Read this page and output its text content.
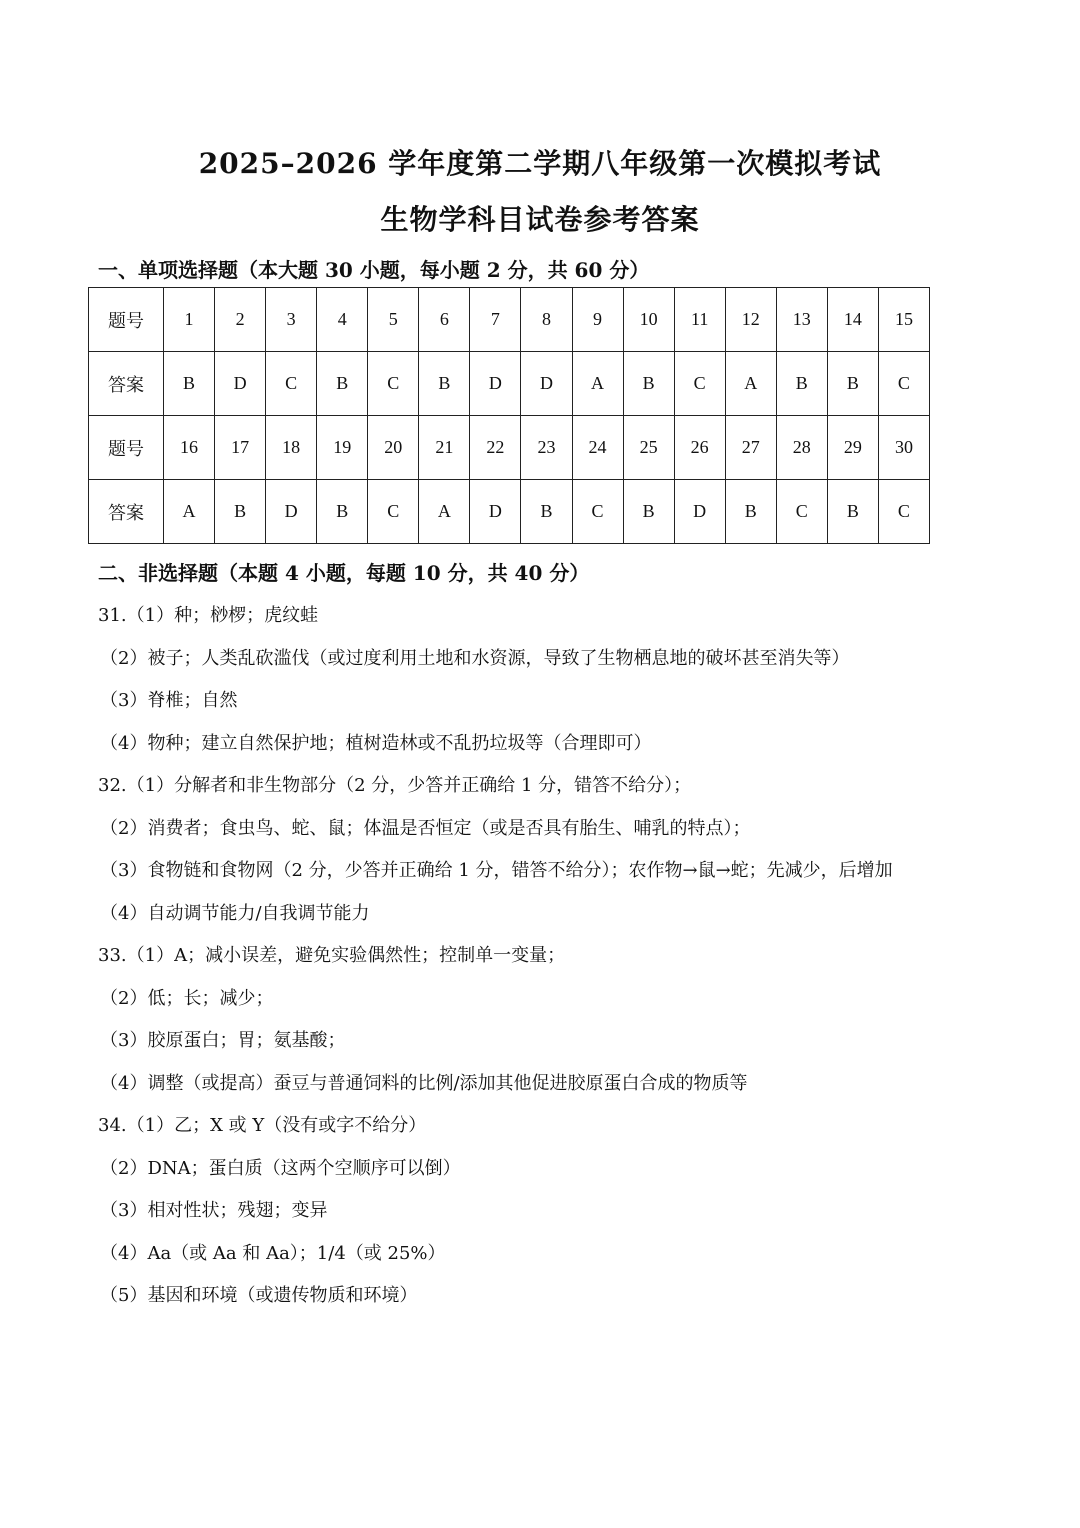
2025–2026 学年度第二学期八年级第一次模拟考试
生物学科目试卷参考答案
一、单项选择题（本大题 30 小题，每小题 2 分，共 60 分）
题号	1	2	3	4	5	6	7	8	9	10	11	12	13	14	15
答案	B	D	C	B	C	B	D	D	A	B	C	A	B	B	C
题号	16	17	18	19	20	21	22	23	24	25	26	27	28	29	30
答案	A	B	D	B	C	A	D	B	C	B	D	B	C	B	C
二、非选择题（本题 4 小题，每题 10 分，共 40 分）
31.（1）种；桫椤；虎纹蛙
（2）被子；人类乱砍滥伐（或过度利用土地和水资源，导致了生物栖息地的破坏甚至消失等）
（3）脊椎；自然
（4）物种；建立自然保护地；植树造林或不乱扔垃圾等（合理即可）
32.（1）分解者和非生物部分（2 分，少答并正确给 1 分，错答不给分）；
（2）消费者；食虫鸟、蛇、鼠；体温是否恒定（或是否具有胎生、哺乳的特点）；
（3）食物链和食物网（2 分，少答并正确给 1 分，错答不给分）；农作物→鼠→蛇；先减少，后增加
（4）自动调节能力/自我调节能力
33.（1）A；减小误差，避免实验偶然性；控制单一变量；
（2）低；长；减少；
（3）胶原蛋白；胃；氨基酸；
（4）调整（或提高）蚕豆与普通饲料的比例/添加其他促进胶原蛋白合成的物质等
34.（1）乙；X 或 Y（没有或字不给分）
（2）DNA；蛋白质（这两个空顺序可以倒）
（3）相对性状；残翅；变异
（4）Aa（或 Aa 和 Aa）；1/4（或 25%）
（5）基因和环境（或遗传物质和环境）
